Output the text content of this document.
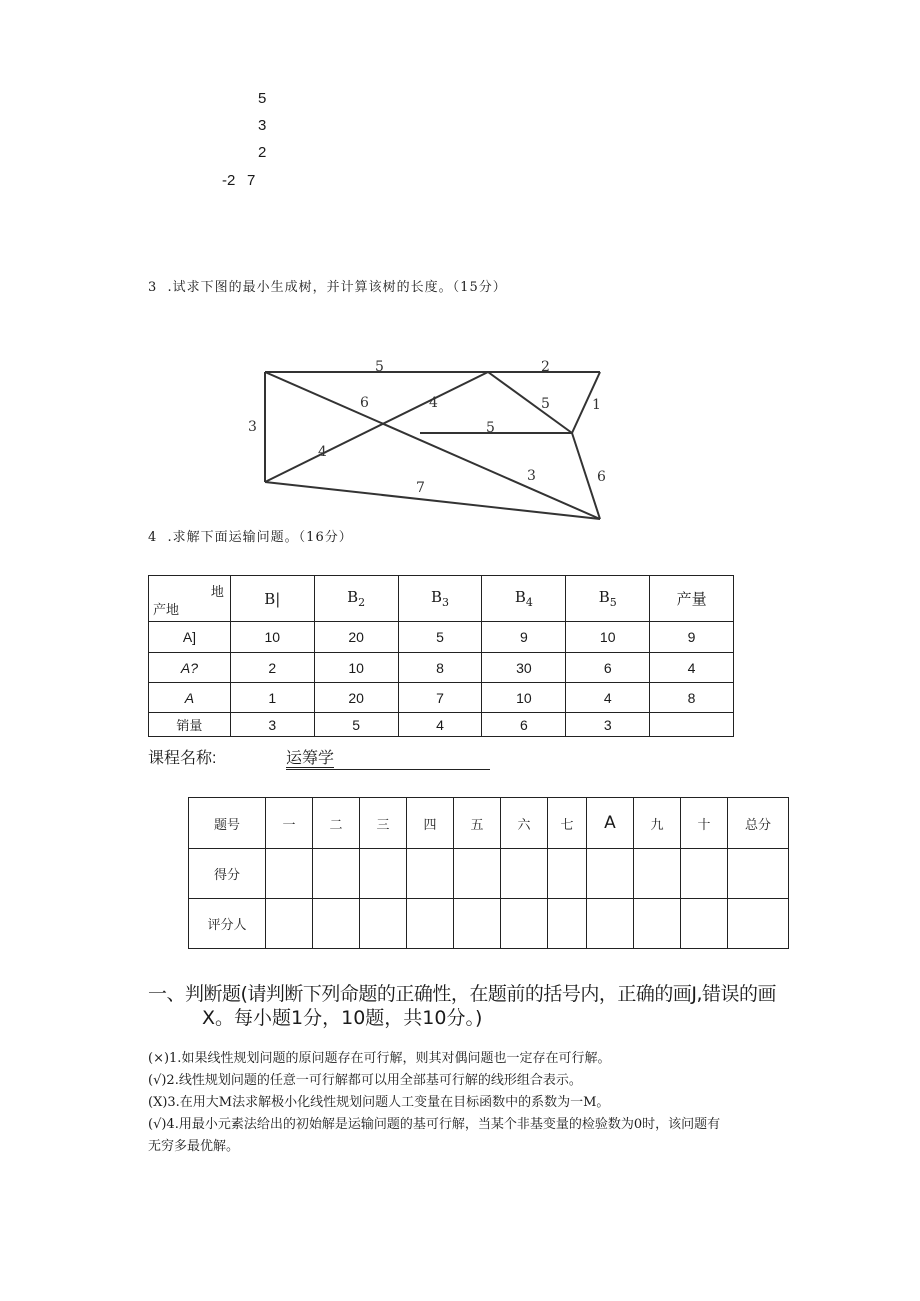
5
3
2
-2 7
3  .试求下图的最小生成树，并计算该树的长度。（15分）
5	2
6	4	5	1
3	5
4
3	6
7
4  .求解下面运输问题。（16分）
地
产地	B|	$B_2$	$B_3$	$B_4$	$B_5$	产量
A]	10	20	5	9	10	9
A?	2	10	8	30	6	4
A	1	20	7	10	4	8
销量	3	5	4	6	3	
课程名称:	运筹学
题号	一	二	三	四	五	六	七	A	九	十	总分
得分											
评分人											
一、判断题(请判断下列命题的正确性，在题前的括号内，正确的画J,错误的画
X。每小题1分，10题，共10分。)
(×)1.如果线性规划问题的原问题存在可行解，则其对偶问题也一定存在可行解。
(√)2.线性规划问题的任意一可行解都可以用全部基可行解的线形组合表示。
(X)3.在用大M法求解极小化线性规划问题人工变量在目标函数中的系数为一M。
(√)4.用最小元素法给出的初始解是运输问题的基可行解，当某个非基变量的检验数为0时，该问题有
无穷多最优解。
